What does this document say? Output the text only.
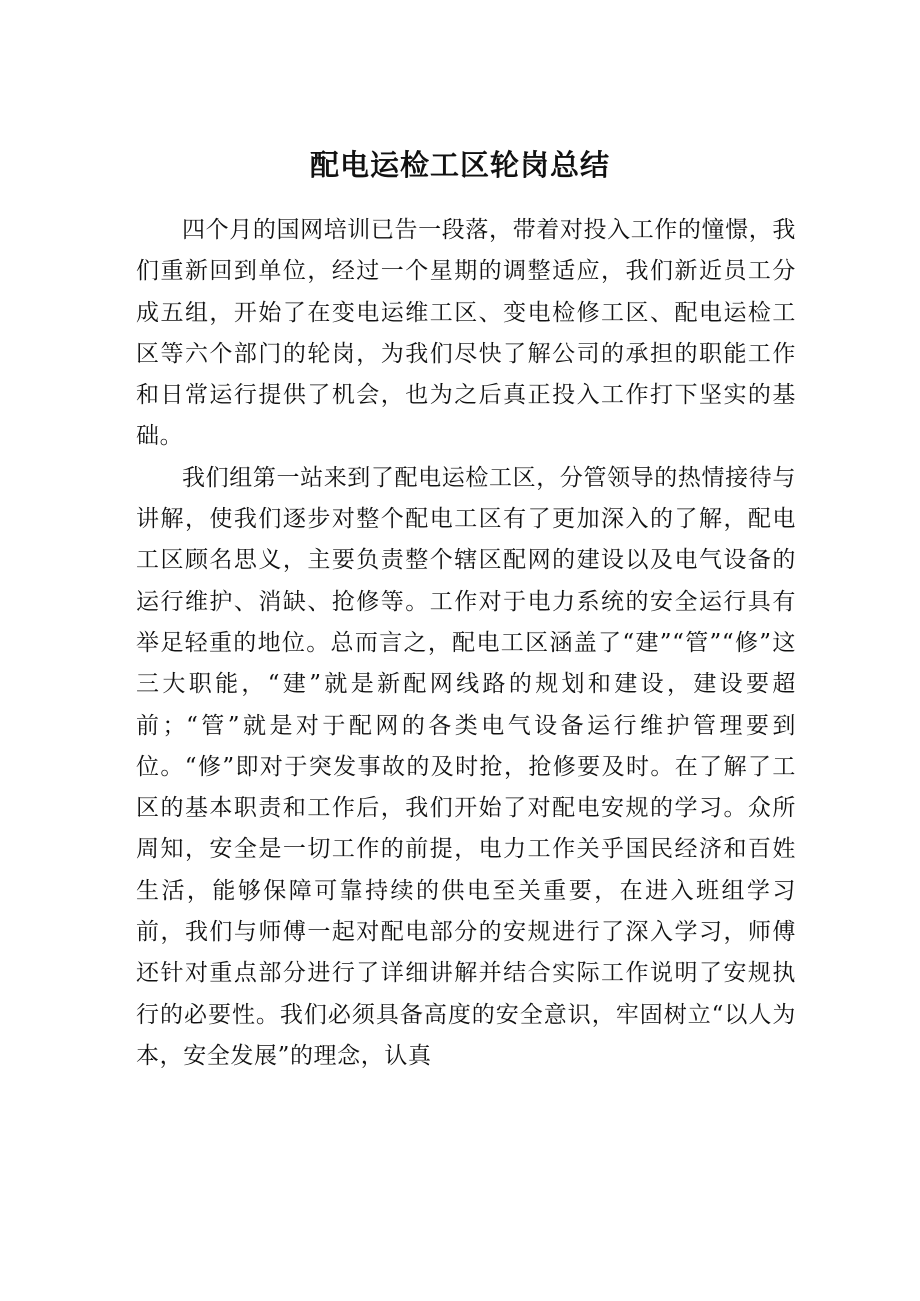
配电运检工区轮岗总结

四个月的国网培训已告一段落，带着对投入工作的憧憬，我们重新回到单位，经过一个星期的调整适应，我们新近员工分成五组，开始了在变电运维工区、变电检修工区、配电运检工区等六个部门的轮岗，为我们尽快了解公司的承担的职能工作和日常运行提供了机会，也为之后真正投入工作打下坚实的基础。

我们组第一站来到了配电运检工区，分管领导的热情接待与讲解，使我们逐步对整个配电工区有了更加深入的了解，配电工区顾名思义，主要负责整个辖区配网的建设以及电气设备的运行维护、消缺、抢修等。工作对于电力系统的安全运行具有举足轻重的地位。总而言之，配电工区涵盖了“建”“管”“修”这三大职能，“建”就是新配网线路的规划和建设，建设要超前；“管”就是对于配网的各类电气设备运行维护管理要到位。“修”即对于突发事故的及时抢，抢修要及时。在了解了工区的基本职责和工作后，我们开始了对配电安规的学习。众所周知，安全是一切工作的前提，电力工作关乎国民经济和百姓生活，能够保障可靠持续的供电至关重要，在进入班组学习前，我们与师傅一起对配电部分的安规进行了深入学习，师傅还针对重点部分进行了详细讲解并结合实际工作说明了安规执行的必要性。我们必须具备高度的安全意识，牢固树立“以人为本，安全发展”的理念，认真
